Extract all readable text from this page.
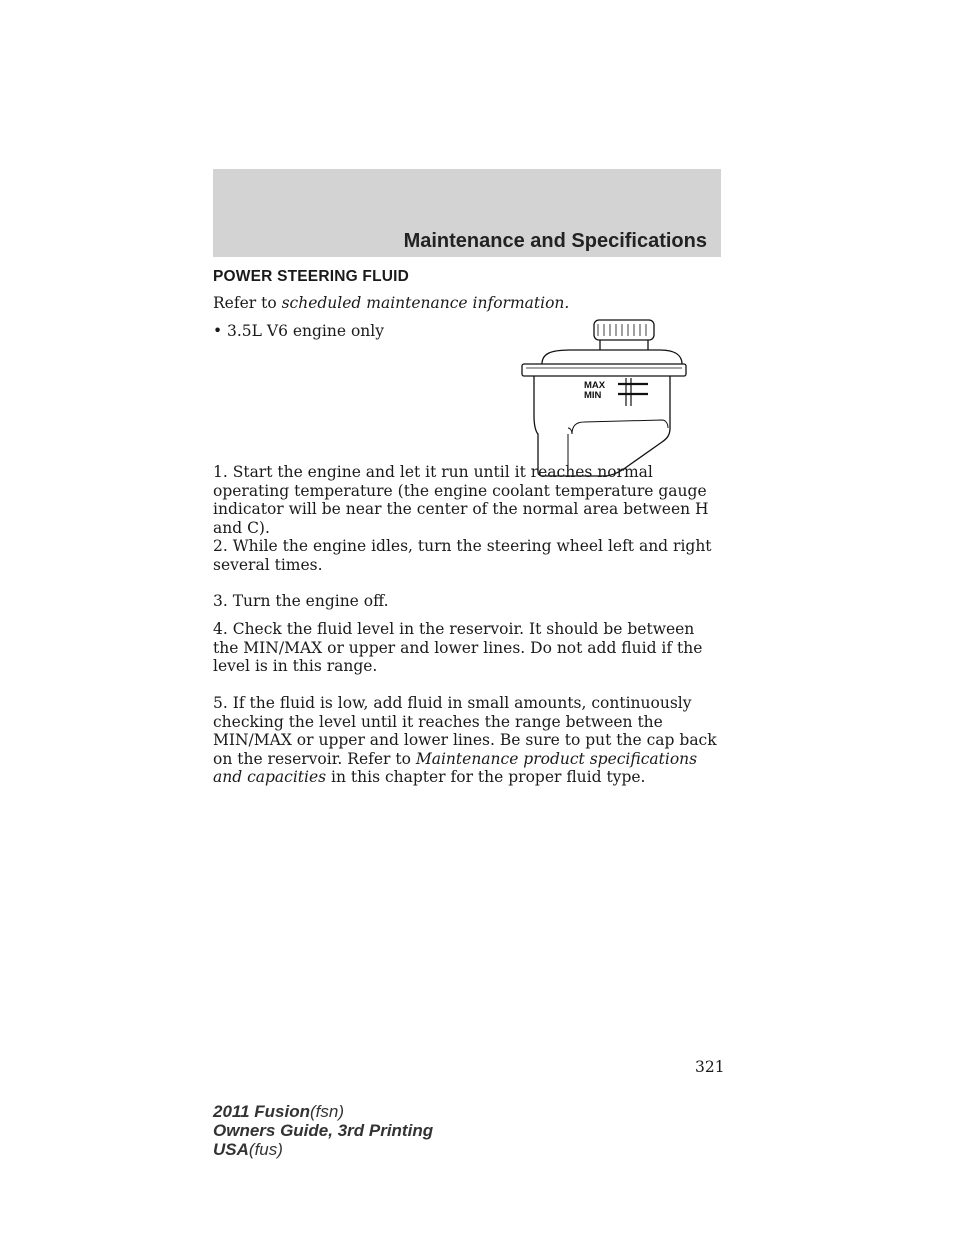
Maintenance and Specifications
POWER STEERING FLUID
Refer to scheduled maintenance information.
• 3.5L V6 engine only
MAX
MIN
1. Start the engine and let it run until it reaches normal operating temperature (the engine coolant temperature gauge indicator will be near the center of the normal area between H and C).
2. While the engine idles, turn the steering wheel left and right several times.
3. Turn the engine off.
4. Check the fluid level in the reservoir. It should be between the MIN/MAX or upper and lower lines. Do not add fluid if the level is in this range.
5. If the fluid is low, add fluid in small amounts, continuously checking the level until it reaches the range between the MIN/MAX or upper and lower lines. Be sure to put the cap back on the reservoir. Refer to Maintenance product specifications and capacities in this chapter for the proper fluid type.
321
2011 Fusion(fsn)
Owners Guide, 3rd Printing
USA(fus)
